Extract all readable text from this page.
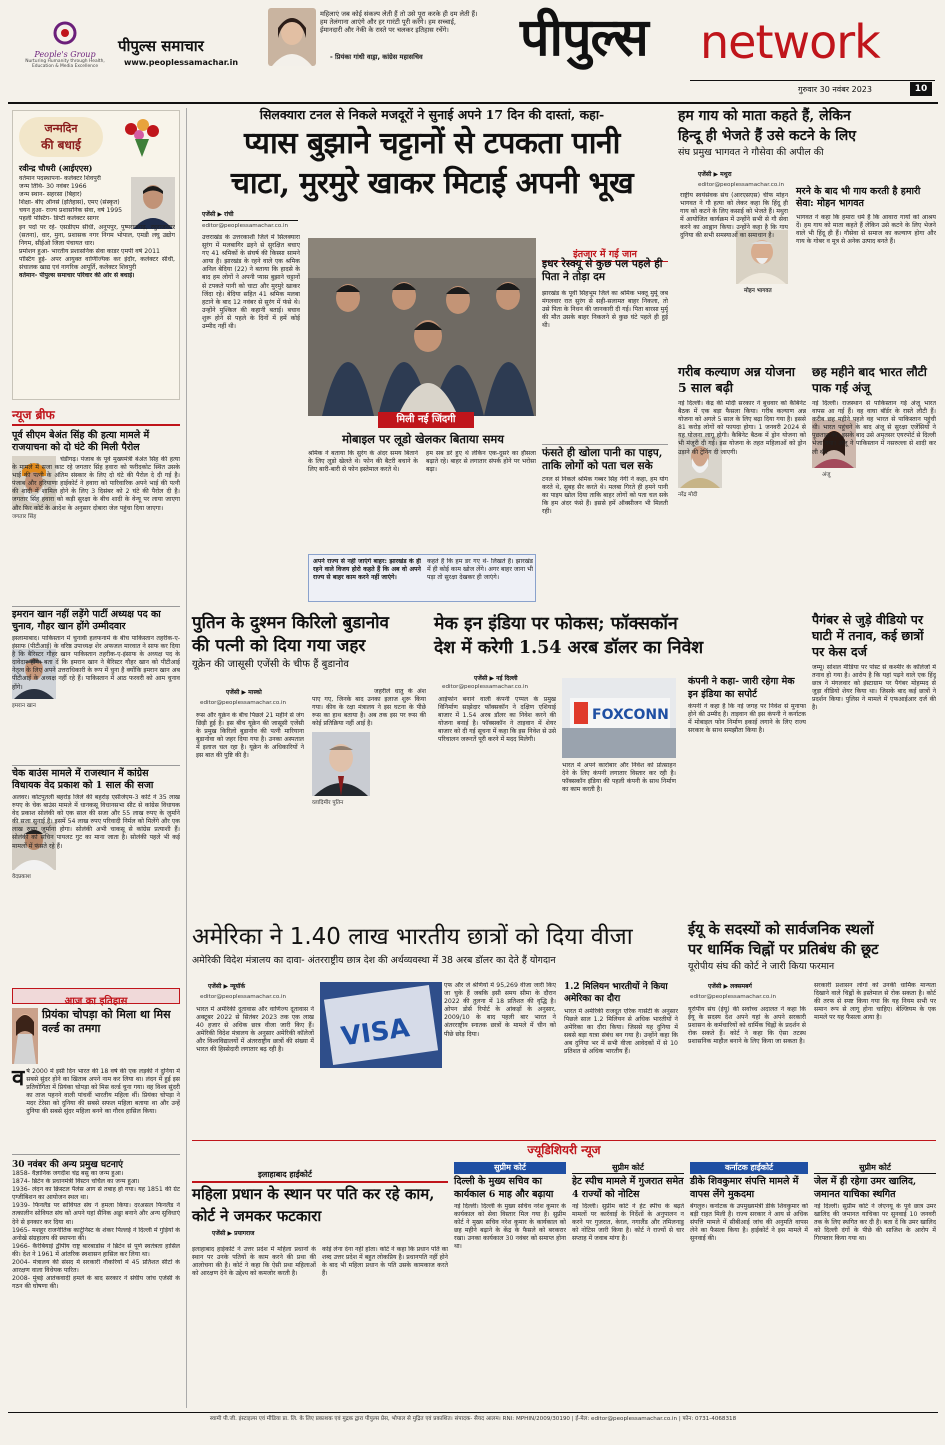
People's Group
Nurturing Humanity through Health, Education & Media Excellence
पीपुल्स समाचार
www.peoplessamachar.in
महिलाएं जब कोई संकल्प लेती हैं तो उसे पूरा करके ही दम लेती हैं। हम तेलंगाना आएंगे और हर गारंटी पूरी करेंगे। हम सच्चाई, ईमानदारी और नेकी के रास्ते पर चलकर इतिहास रचेंगे।
- प्रियंका गांधी वाड्रा, कांग्रेस महासचिव	पीपुल्स network
गुरुवार 30 नवंबर 2023	10
जन्मदिन
की बधाई
रवीन्द्र चौधरी (आईएएस)
वर्तमान पदस्थापना- कलेक्टर शिवपुरी
जन्म तिथि- 30 नवंबर 1966
जन्म स्थान- सहरसा (बिहार)
शिक्षा- बीए ऑनर्स (इतिहास), एमए (संस्कृत)
चयन हुआ- राज्य प्रशासनिक सेवा, वर्ष 1995
पहली पोस्टिंग- डिप्टी कलेक्टर सागर
इन पदों पर रहे- एसडीएम सीधी, अनूपपुर, पुष्पराजगढ़, रघुराजनगर (सतना), धार, मुना, प्रशासक नगर निगम भोपाल, एमडी लघु उद्योग निगम, सीईओ जिला पंचायत धार।
प्रमोशन हुआ- भारतीय प्रशासनिक सेवा काडर एमपी वर्ष 2011
पोस्टिंग हुई- अपर आयुक्त वाणिज्यिक कर इंदौर, कलेक्टर सीधी, संचालक खाद्य एवं नागरिक आपूर्ति, कलेक्टर शिवपुरी
वर्तमान- पीपुल्स समाचार परिवार की ओर से बधाई।
न्यूज ब्रीफ
पूर्व सीएम बेअंत सिंह की हत्या मामले में राजयाचना को दो घंटे की मिली पैरोल
जगतार सिंह
चंडीगढ़। पंजाब के पूर्व मुख्यमंत्री बेअंत सिंह की हत्या के मामले में सजा काट रहे जगतार सिंह हवारा को फरीदकोट स्थित उसके भाई की पत्नी के अंतिम संस्कार के लिए दो घंटे की पैरोल दे दी गई है। पंजाब और हरियाणा हाईकोर्ट ने हवारा को पारिवारिक अपने भाई की पत्नी की शादी में शामिल होने के लिए 3 दिसंबर को 2 घंटे की पैरोल दी है। जगतार सिंह हवारा को कड़ी सुरक्षा के बीच शादी के वेन्यू पर लाया जाएगा और फिर कोर्ट के आदेश के अनुसार दोबारा जेल पहुंचा दिया जाएगा।
इमरान खान नहीं लड़ेंगे पार्टी अध्यक्ष पद का चुनाव, गौहर खान होंगे उम्मीदवार
इमरान खान
इस्लामाबाद। पाकिस्तान में चुनावी हलफनामे के बीच पाकिस्तान तहरीक-ए-इंसाफ (पीटीआई) के वरिष्ठ उपाध्यक्ष शेर अफजल मारवात ने साफ कर दिया है कि बैरिस्टर गौहर खान पाकिस्तान तहरीक-ए-इंसाफ के अध्यक्ष पद के दावेदार होंगे। बता दें कि इमरान खान ने बैरिस्टर गौहर खान को पीटीआई नेतृत्व के लिए अपने उत्तराधिकारी के रूप में चुना है क्योंकि इमरान खान अब पीटीआई के अध्यक्ष नहीं रहे हैं। पाकिस्तान में आठ फरवरी को आम चुनाव होंगे।
चेक बाउंस मामले में राजस्थान में कांग्रेस विधायक वेद प्रकाश को 1 साल की सजा
वेदप्रकाश
अलवर। कोटपूतली बहरोड़ जिले की बहरोड़ एसीजेएम-3 कोर्ट ने 35 लाख रुपए के चेक बाउंस मामले में धानकसू विधानसभा सीट से कांग्रेस विधायक वेद प्रकाश सोलंकी को एक साल की सजा और 55 लाख रुपए के जुर्माने की सजा सुनाई है। इसमें 54 लाख रुपए परिवादी निर्मल को मिलेंगे और एक लाख रुपए जुर्माना होगा। सोलंकी अभी चाकसू से कांग्रेस प्रत्याशी हैं। सोलंकी को सचिन पायलट गुट का माना जाता है। सोलंकी पहले भी कई मामलों में फंसते रहे हैं।
आज का इतिहास
प्रियंका चोपड़ा को मिला था मिस वर्ल्ड का तमगा
व र्ष 2000 में इसी दिन भारत की 18 वर्ष की एक लड़की ने दुनिया में सबसे सुंदर होने का खिताब अपने नाम कर लिया था। लंदन में हुई इस प्रतियोगिता में प्रियंका चोपड़ा को मिस वर्ल्ड चुना गया। वह विश्व सुंदरी का ताज पहनने वाली पांचवीं भारतीय महिला थीं। प्रियंका चोपड़ा ने मदर टेरेसा को दुनिया की सबसे सफल महिला बताया था और उन्हें दुनिया की सबसे सुंदर महिला बनने का गौरव हासिल किया।
30 नवंबर की अन्य प्रमुख घटनाएं
1858- वैज्ञानिक जगदीश चंद्र बसु का जन्म हुआ।
1874- ब्रिटेन के प्रधानमंत्री विंस्टन चर्चिल का जन्म हुआ।
1936- लंदन का क्रिस्टल पैलेस आग से तबाह हो गया। यह 1851 की ग्रेट एग्जीबिशन का आयोजन स्थल था।
1939- फिनलैंड पर सोवियत संघ ने हमला किया। दरअसल फिनलैंड ने तत्कालीन सोवियत संघ को अपने यहां सैनिक अड्डा बनाने और अन्य सुविधाएं देने से इनकार कर दिया था।
1965- मशहूर राजनीतिक कार्टूनिस्ट के शंकर पिल्लई ने दिल्ली में गुड़ियों के अनोखे संग्रहालय की स्थापना की।
1966- कैरेबियाई द्वीपीय राष्ट्र बारबाडोस ने ब्रिटेन से पूर्ण स्वतंत्रता हासिल की। देश ने 1961 में आंतरिक स्वशासन हासिल कर लिया था।
2004- मंत्रालय की संसद में सरकारी नौकरियों में 45 प्रतिशत सीटों के आरक्षण वाला विधेयक पारित।
2008- मुंबई आतंकवादी हमले के बाद सरकार ने संघीय जांच एजेंसी के गठन की घोषणा की।
सिलक्यारा टनल से निकले मजदूरों ने सुनाई अपने 17 दिन की दास्तां, कहा-
प्यास बुझाने चट्टानों से टपकता पानी
चाटा, मुरमुरे खाकर मिटाई अपनी भूख
एजेंसी ▶ रांची
editor@peoplessamachar.co.in
उत्तराखंड के उत्तरकाशी जिले में सिलक्यारा सुरंग में मलबागिर ढहने से सुरक्षित बचाए गए 41 श्रमिकों के संघर्ष की किस्सा सामने आया है। झारखंड के रहने वाले एक श्रमिक अनिल बेदिया (22) ने बताया कि हादसे के बाद हम लोगों ने अपनी प्यास बुझाने चट्टानों से टपकते पानी को चाटा और मुरमुरे खाकर जिंदा रहे। बेदिया सहित 41 श्रमिक मलबा हटाने के बाद 12 नवंबर से सुरंग में फंसे थे। उन्होंने मुश्किल की कहानी बताई। बचाव शुरू होने से पहले के दिनों में हमें कोई उम्मीद नहीं थी।
मिली नई जिंदगी
मोबाइल पर लूडो खेलकर बिताया समय
श्रमिक ने बताया कि सुरंग के अंदर समय बिताने के लिए लूडो खेलते थे। फोन की बैटरी बचाने के लिए बारी-बारी से फोन इस्तेमाल करते थे।
हम सब डरे हुए थे लेकिन एक-दूसरे का हौसला बढ़ाते रहे। बाहर से लगातार संपर्क होने पर भरोसा बढ़ा।
अपने राज्य से नहीं जाएंगे बाहर: झारखंड के ही रहने वाले विजय होरो कहते हैं कि अब वो अपने राज्य से बाहर काम करने नहीं जाएंगे।
कहते हैं कि हम डर गए थे- लिखते हैं। झारखंड में ही कोई काम खोज लेंगे। अगर बाहर जाना भी पड़ा तो सुरक्षा देखकर ही जाएंगे।
इंतजार में गई जान
इधर रेस्क्यू से कुछ पल पहले ही पिता ने तोड़ा दम
झारखंड के पूर्वी सिंहभूम जिले का श्रमिक भक्तू मुर्मू जब मंगलवार रात सुरंग से सही-सलामत बाहर निकला, तो उसे पिता के निधन की जानकारी दी गई। पिता बारसा मुर्मू की मौत उसके बाहर निकलने से कुछ घंटे पहले ही हुई थी।
फंसते ही खोला पानी का पाइप, ताकि लोगों को पता चल सके
टनल से निकले श्रमिक गब्बर सिंह नेगी ने कहा, हम योग करते थे, सुबह सैर करते थे। मलबा गिरते ही हमने पानी का पाइप खोल दिया ताकि बाहर लोगों को पता चल सके कि हम अंदर फंसे हैं। इससे हमें ऑक्सीजन भी मिलती रही।
हम गाय को माता कहते हैं, लेकिन
हिन्दू ही भेजते हैं उसे कटने के लिए
संघ प्रमुख भागवत ने गौसेवा की अपील की
एजेंसी ▶ मथुरा
editor@peoplessamachar.co.in
मोहन भागवत
राष्ट्रीय स्वयंसेवक संघ (आरएसएस) चीफ मोहन भागवत ने गौ हत्या को लेकर कहा कि हिंदू ही गाय को कटने के लिए कसाई को भेजते हैं। मथुरा में आयोजित कार्यक्रम में उन्होंने सभी से गौ सेवा करने का आह्वान किया। उन्होंने कहा है कि गाय दुनिया की सभी समस्याओं का समाधान है।
मरने के बाद भी गाय करती है हमारी सेवा: मोहन भागवत
भागवत ने कहा कि हमारा धर्म है कि आवारा गायों को आश्रय दें। हम गाय को माता कहते हैं लेकिन उसे कटने के लिए भेजने वाले भी हिंदू ही हैं। गौसेवा से समाज का कल्याण होगा और गाय के गोबर व मूत्र से अनेक उत्पाद बनते हैं।
गरीब कल्याण अन्न योजना 5 साल बढ़ी
नरेंद्र मोदी
नई दिल्ली। केंद्र की मोदी सरकार ने बुधवार को कैबिनेट बैठक में एक बड़ा फैसला किया। गरीब कल्याण अन्न योजना को अगले 5 साल के लिए बढ़ा दिया गया है। इससे 81 करोड़ लोगों को फायदा होगा। 1 जनवरी 2024 से यह योजना लागू होगी। कैबिनेट बैठक में ड्रोन योजना को भी मंजूरी दी गई। इस योजना के तहत महिलाओं को ड्रोन उड़ाने की ट्रेनिंग दी जाएगी।
छह महीने बाद भारत लौटी पाक गई अंजू
अंजू
नई दिल्ली। राजस्थान से पाकिस्तान गई अंजू भारत वापस आ गई हैं। वह वाघा बॉर्डर के रास्ते लौटी हैं। करीब छह महीने पहले वह भारत से पाकिस्तान पहुंची थी। भारत पहुंचने के बाद अंजू से सुरक्षा एजेंसियों ने पूछताछ की। इसके बाद उसे अमृतसर एयरपोर्ट से दिल्ली भेजा गया। अंजू ने पाकिस्तान में नसरुल्ला से शादी कर ली थी।
पुतिन के दुश्मन किरिलो बुडानोव
की पत्नी को दिया गया जहर
यूक्रेन की जासूसी एजेंसी के चीफ हैं बुडानोव
एजेंसी ▶ मास्को
editor@peoplessamachar.co.in
रूस और यूक्रेन के बीच पिछले 21 महीने से जंग छिड़ी हुई है। इस बीच यूक्रेन की जासूसी एजेंसी के प्रमुख किरिलो बुडानोव की पत्नी मारियाना बुडानोवा को जहर दिया गया है। उनका अस्पताल में इलाज चल रहा है। यूक्रेन के अधिकारियों ने इस बात की पुष्टि की है।
व्लादिमीर पुतिन
जहरीले धातु के अंश पाए गए, जिनके बाद उनका इलाज शुरू किया गया। कीव के रक्षा मंत्रालय ने इस घटना के पीछे रूस का हाथ बताया है। अब तक इस पर रूस की कोई प्रतिक्रिया नहीं आई है।
मेक इन इंडिया पर फोकस; फॉक्सकॉन
देश में करेगी 1.54 अरब डॉलर का निवेश
एजेंसी ▶ नई दिल्ली
editor@peoplessamachar.co.in
आईफोन बनाने वाली कंपनी एप्पल के प्रमुख विनिर्माण साझेदार फॉक्सकॉन ने दक्षिण एशियाई बाजार में 1.54 अरब डॉलर का निवेश करने की योजना बनाई है। फॉक्सकॉन ने ताइवान में शेयर बाजार को दी गई सूचना में कहा कि इस निवेश से उसे परिचालन जरूरतें पूरी करने में मदद मिलेगी।
FOXCONN
भारत में अपने कारोबार और निवेश को प्रोत्साहन देने के लिए कंपनी लगातार विस्तार कर रही है। फॉक्सकॉन इंडिया की पहली कंपनी के साथ निर्माण का काम करती है।
कंपनी ने कहा- जारी रहेगा मेक इन इंडिया का सपोर्ट
कंपनी ने कहा है कि नई जगह पर निवेश से मुनाफा होने की उम्मीद है। ताइवान की इस कंपनी ने कर्नाटक में मोबाइल फोन निर्माण इकाई लगाने के लिए राज्य सरकार के साथ समझौता किया है।
पैगंबर से जुड़े वीडियो पर घाटी में तनाव, कई छात्रों पर केस दर्ज
जम्मू। सोशल मीडिया पर पोस्ट से कश्मीर के कॉलेजों में तनाव हो गया है। आरोप है कि यहां पढ़ने वाले एक हिंदू छात्र ने मंगलवार को इंस्टाग्राम पर पैगंबर मोहम्मद से जुड़ा वीडियो शेयर किया था। जिसके बाद कई छात्रों ने प्रदर्शन किया। पुलिस ने मामले में एफआईआर दर्ज की है।
अमेरिका ने 1.40 लाख भारतीय छात्रों को दिया वीजा
अमेरिकी विदेश मंत्रालय का दावा- अंतरराष्ट्रीय छात्र देश की अर्थव्यवस्था में 38 अरब डॉलर का देते हैं योगदान
एजेंसी ▶ न्यूयॉर्क
editor@peoplessamachar.co.in
भारत में अमेरिकी दूतावास और वाणिज्य दूतावास ने अक्टूबर 2022 से सितंबर 2023 तक एक लाख 40 हजार से अधिक छात्र वीजा जारी किए हैं। अमेरिकी विदेश मंत्रालय के अनुसार अमेरिकी कॉलेजों और विश्वविद्यालयों में अंतरराष्ट्रीय छात्रों की संख्या में भारत की हिस्सेदारी लगातार बढ़ रही है।	VISA
एफ और जे श्रेणियों में 95,269 वीजा जारी किए जा चुके हैं जबकि इसी समय सीमा के दौरान 2022 की तुलना में 18 प्रतिशत की वृद्धि है। ओपन डोर्स रिपोर्ट के आंकड़ों के अनुसार, 2009/10 के बाद पहली बार भारत ने अंतरराष्ट्रीय स्नातक छात्रों के मामले में चीन को पीछे छोड़ दिया।
1.2 मिलियन भारतीयों ने किया अमेरिका का दौरा
भारत में अमेरिकी राजदूत एरिक गार्सेटी के अनुसार पिछले साल 1.2 मिलियन से अधिक भारतीयों ने अमेरिका का दौरा किया। जिससे यह दुनिया में सबसे बड़ा यात्रा संबंध बन गया है। उन्होंने कहा कि अब दुनिया भर में सभी वीजा आवेदकों में से 10 प्रतिशत से अधिक भारतीय हैं।
ईयू के सदस्यों को सार्वजनिक स्थलों
पर धार्मिक चिह्नों पर प्रतिबंध की छूट
यूरोपीय संघ की कोर्ट ने जारी किया फरमान
एजेंसी ▶ लक्समबर्ग
editor@peoplessamachar.co.in
यूरोपीय संघ (ईयू) की सर्वोच्च अदालत ने कहा कि ईयू के सदस्य देश अपने यहां के अपने सरकारी प्रशासन के कर्मचारियों को धार्मिक चिह्नों के प्रदर्शन से रोक सकते हैं। कोर्ट ने कहा कि ऐसा तटस्थ प्रशासनिक माहौल बनाने के लिए किया जा सकता है।
सरकारी प्रशासन लोगों को उनकी धार्मिक मान्यता दिखाने वाले चिह्नों के इस्तेमाल से रोक सकता है। कोर्ट की तरफ से स्पष्ट किया गया कि यह नियम सभी पर समान रूप से लागू होना चाहिए। बेल्जियम के एक मामले पर यह फैसला आया है।
ज्यूडिशियरी न्यूज
इलाहाबाद हाईकोर्ट
महिला प्रधान के स्थान पर पति कर रहे काम, कोर्ट ने जमकर फटकारा
एजेंसी ▶ प्रयागराज
इलाहाबाद हाईकोर्ट ने उत्तर प्रदेश में महिला प्रधानों के स्थान पर उनके पतियों के काम करने की प्रथा की आलोचना की है। कोर्ट ने कहा कि ऐसी प्रथा महिलाओं को आरक्षण देने के उद्देश्य को कमजोर करती है।
कोई लेना देना नहीं होता। कोर्ट ने कहा कि प्रधान पति का शब्द उत्तर प्रदेश में बहुत लोकप्रिय है। प्रधानपति नहीं होने के बाद भी महिला प्रधान के पति उसके कामकाज करते हैं।
सुप्रीम कोर्ट
दिल्ली के मुख्य सचिव का कार्यकाल 6 माह और बढ़ाया
नई दिल्ली। दिल्ली के मुख्य सचिव नरेश कुमार के कार्यकाल को सेवा विस्तार मिल गया है। सुप्रीम कोर्ट ने मुख्य सचिव नरेश कुमार के कार्यकाल को छह महीने बढ़ाने के केंद्र के फैसले को बरकरार रखा। उनका कार्यकाल 30 नवंबर को समाप्त होना था।
सुप्रीम कोर्ट
हेट स्पीच मामले में गुजरात समेत 4 राज्यों को नोटिस
नई दिल्ली। सुप्रीम कोर्ट ने हेट स्पीच के बढ़ते मामलों पर कार्रवाई के निर्देशों के अनुपालन न करने पर गुजरात, केरल, नगालैंड और तमिलनाडु को नोटिस जारी किया है। कोर्ट ने राज्यों से चार सप्ताह में जवाब मांगा है।
कर्नाटक हाईकोर्ट
डीके शिवकुमार संपत्ति मामले में वापस लेंगे मुकदमा
बेंगलुरु। कर्नाटक के उपमुख्यमंत्री डीके शिवकुमार को बड़ी राहत मिली है। राज्य सरकार ने आय से अधिक संपत्ति मामले में सीबीआई जांच की अनुमति वापस लेने का फैसला किया है। हाईकोर्ट ने इस मामले में सुनवाई की।
सुप्रीम कोर्ट
जेल में ही रहेगा उमर खालिद, जमानत याचिका स्थगित
नई दिल्ली। सुप्रीम कोर्ट ने जेएनयू के पूर्व छात्र उमर खालिद की जमानत याचिका पर सुनवाई 10 जनवरी तक के लिए स्थगित कर दी है। बता दें कि उमर खालिद को दिल्ली दंगों के पीछे की साजिश के आरोप में गिरफ्तार किया गया था।
स्वामी पी.जी. इंस्टाइल्स एवं मीडिया प्रा. लि. के लिए प्रकाशक एवं मुद्रक द्वारा पीपुल्स प्रेस, भोपाल से मुद्रित एवं प्रकाशित। संपादक- सैयद आलम। RNI: MPHIN/2009/30190 | ई-मेल: editor@peoplessamachar.co.in | फोन: 0731-4068318
